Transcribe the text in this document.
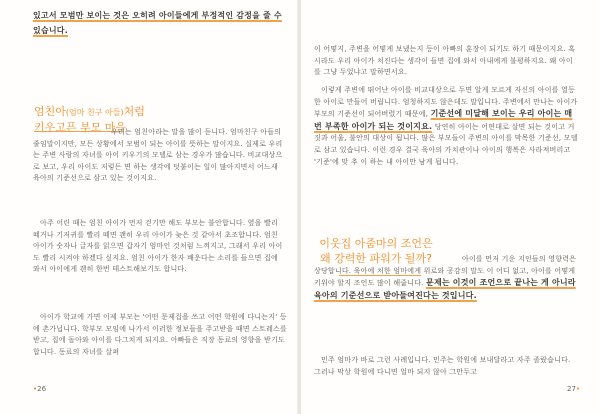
있고서 모범만 보이는 것은 오히려 아이들에게 부정적인 감정을 줄 수 있습니다.

엄친아(엄마 친구 아들)처럼
키우고픈 부모 마음

우리는 엄친아라는 말을 많이 듣니다. 엄마친구 아들의 줄임말이지만, 모든 상황에서 모범이 되는 아이를 뜻하는 말이지요. 실제로 우리는 주변 사람의 자녀를 아이 키우기의 모델로 삼는 경우가 많습니다. 비교대상으로 보고, 우리 아이도 저렇든 면 하는 생각에 덧붙이는 일이 많아지면서 어느새 육아의 기준선으로 삼고 있는 것이지요.

아주 어린 때는 엄친 아이가 먼저 걷기만 해도 부모는 불안합니다. 옆을 빨리 떼거나 기저귀를 빨리 떼면 괜히 우리 아이가 늦은 것 같아서 초조합니다. 엄친 아이가 숫자나 글자를 읽으면 갑자기 엄마인 것처럼 느껴지고, 그래서 우리 아이도 빨리 시켜야 하겠다 싶지요. 엄친 아이가 한자 배운다는 소리를 들으면 집에 와서 아이에게 괜히 한번 테스트해보기도 합니다.

아이가 학교에 가면 이제 부모는 '어떤 문제집을 쓰고 어떤 학원에 다니는지' 등에 촌가닙니다. 학부모 모임에 나가서 이러한 정보들을 주고받을 때면 스트레스를 받고, 집에 돌아와 아이를 다그치게 되지요. 아빠들은 직장 동료의 영향을 받기도 합니다. 동료의 자녀를 살펴

•26

이 어떻지, 주변을 어떻게 보냈는지 등이 아빠의 훈장이 되기도 하기 때문이지요. 혹시라도 우리 아이가 처진다는 생각이 들면 집에 와서 아내에게 불평하지요. 왜 아이를 그냥 두었냐고 말하면서요.

이렇게 주변에 뛰어난 아이를 비교대상으로 두면 알게 모르게 자신의 아이를 열등한 아이로 만들어 버립니다. 엄청하지도 않은데도 말입니다. 주변에서 만나는 아이가 부모의 기준선이 되어버렸기 때문에, 기준선에 미달해 보이는 우리 아이는 매번 부족한 아이가 되는 것이지요. 당연히 아이는 어떤대로 살면 되는 것이고 거짓과 어울, 불안의 대상이 됩니다. 많은 부모들이 주변의 아이를 막목한 기준선, 모델로 삼고 있습니다. 이런 경우 결국 육아의 가치관이나 아이의 행복은 사라져버리고 '기준'에 맞 추 이 하는 내 아이만 남게 됩니다.

이웃집 아줌마의 조언은
왜 강력한 파워가 될까?	아이를 먼저 기운 지인들의 영향력은 상당합니다. 육아에 처한 엄마에게 위로와 공감의 말도 이 어디 없고, 아이를 어떻게 키워야 할지 조언도 많이 해줍니다. 문제는 이것이 조언으로 끝나는 게 아니라 육아의 기준선으로 받아들여진다는 것입니다.

민주 엄마가 바로 그런 사례입니다. 민주는 학원에 보내달라고 자주 졸랐습니다. 그러나 막상 학원에 다니면 얼마 되지 않아 그만두고

27•
